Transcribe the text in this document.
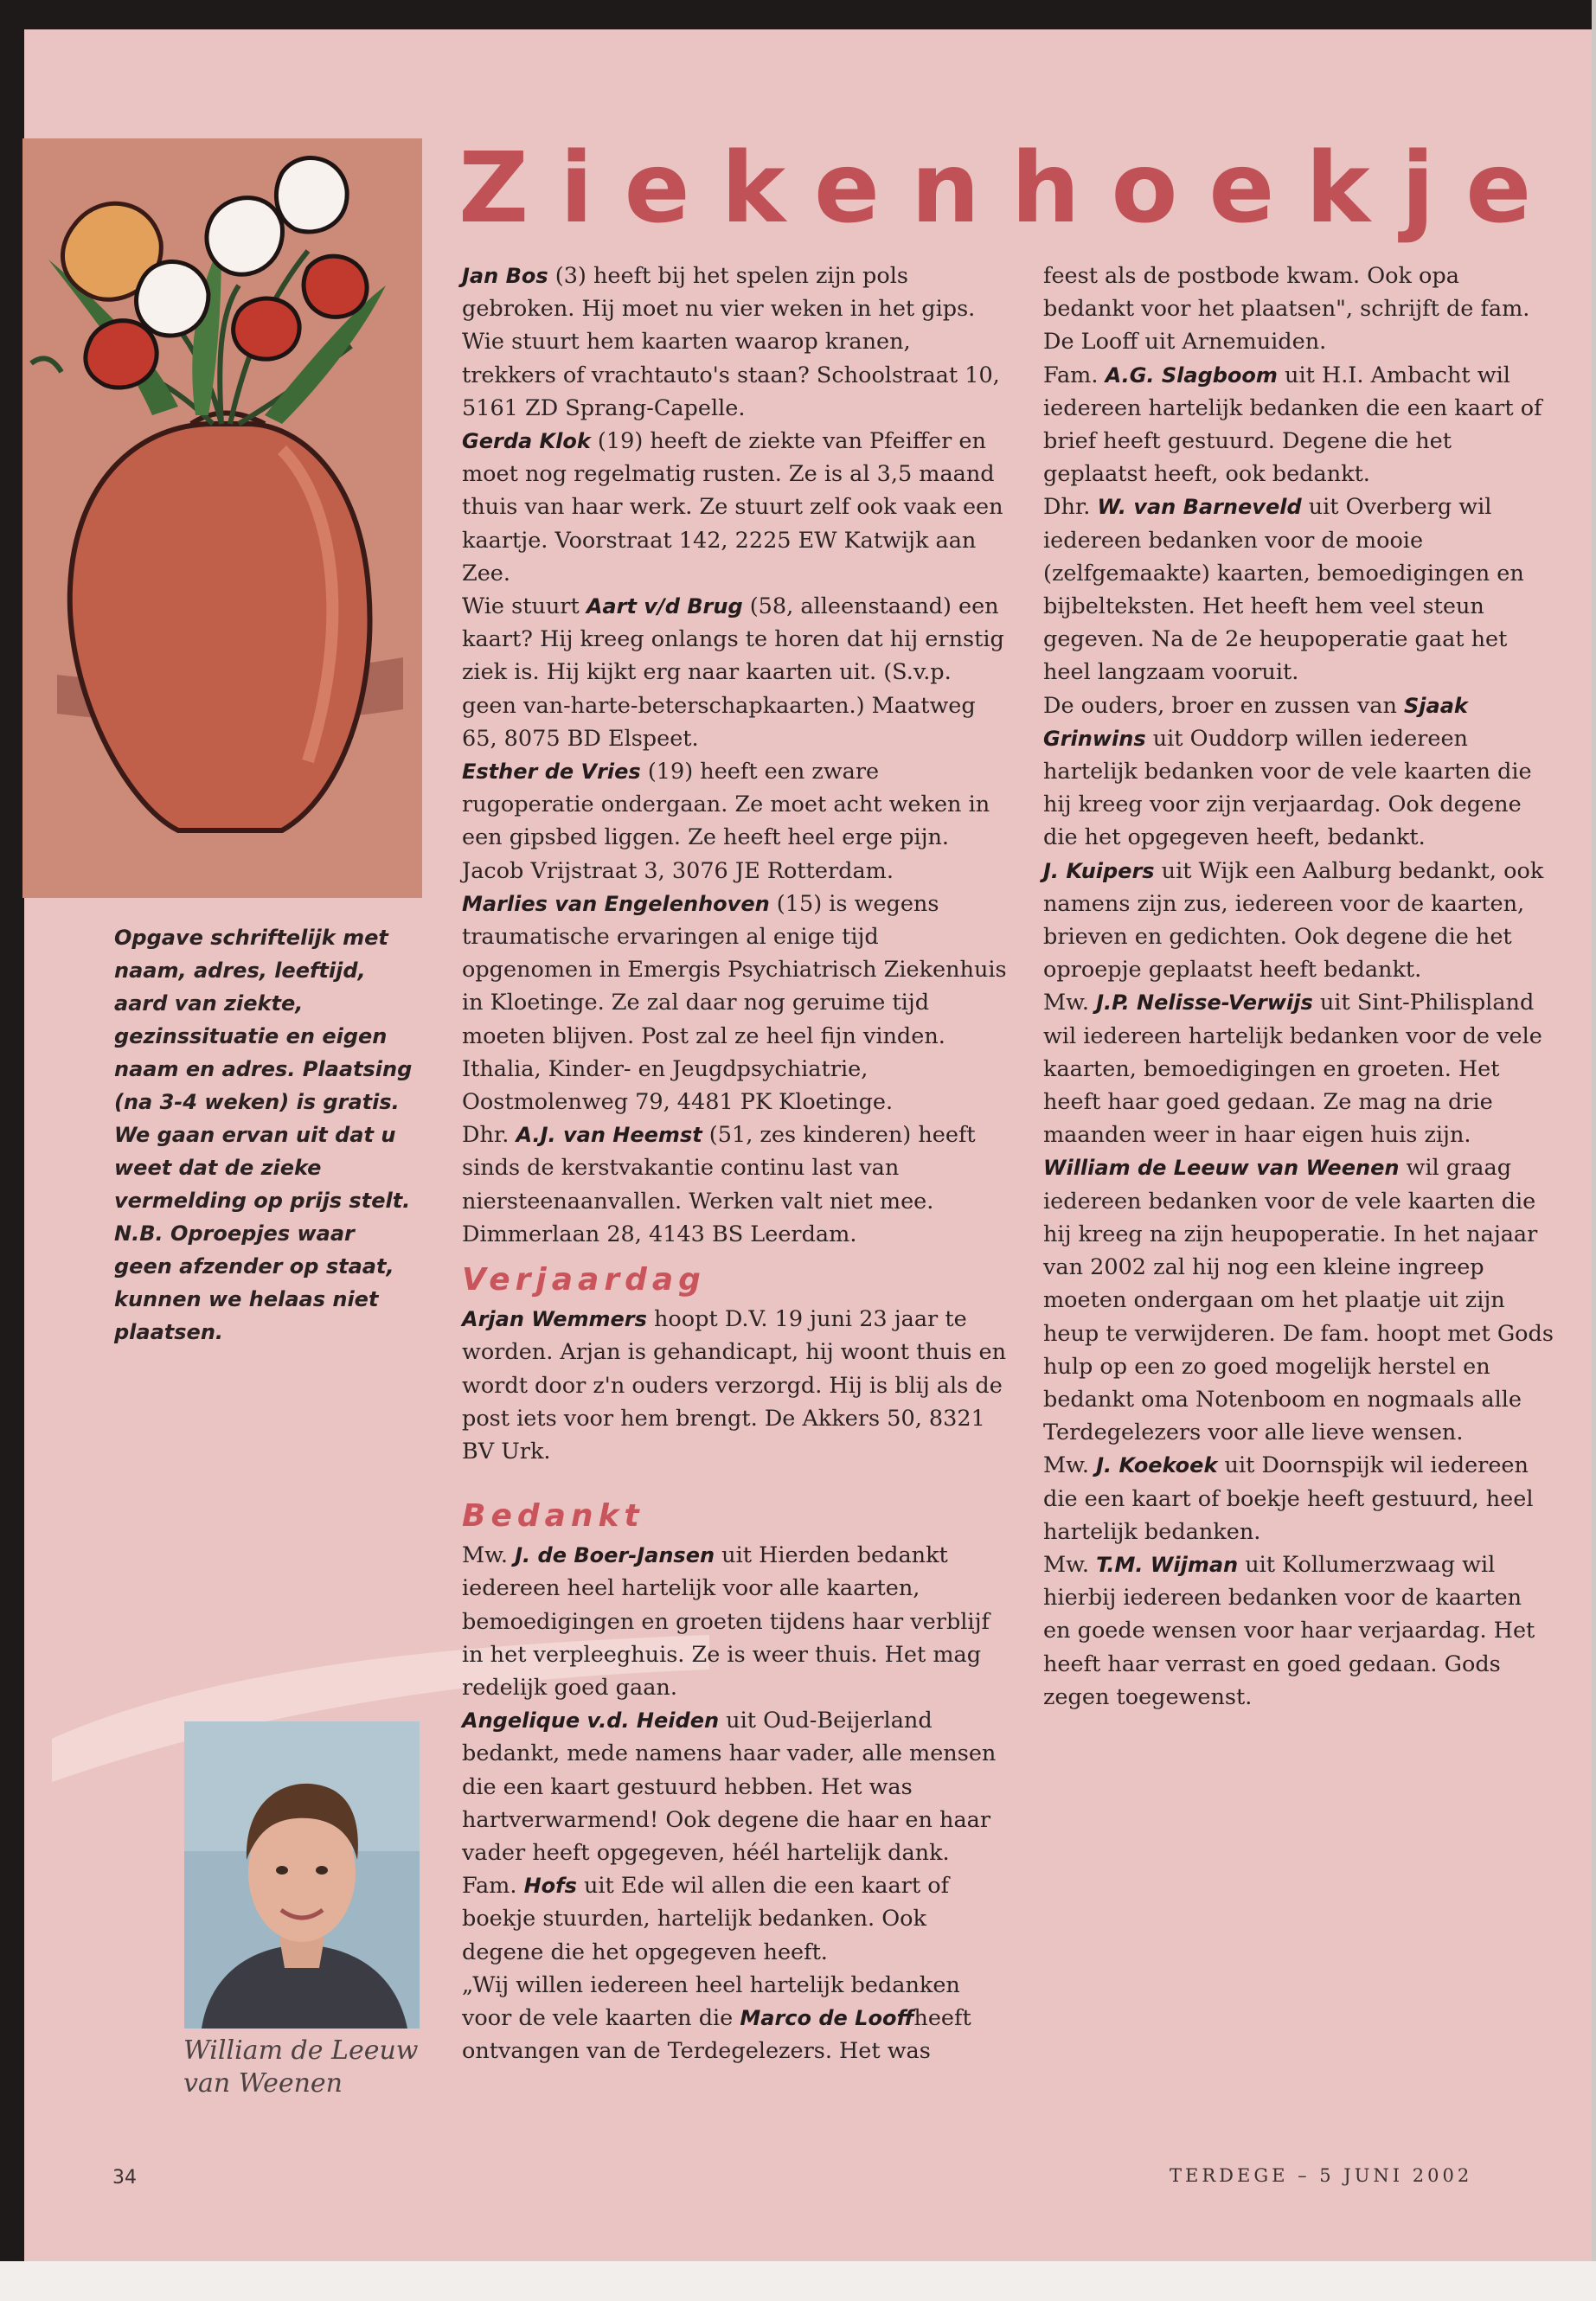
Ziekenhoekje

Opgave schriftelijk met naam, adres, leeftijd, aard van ziekte, gezinssituatie en eigen naam en adres. Plaatsing (na 3-4 weken) is gratis. We gaan ervan uit dat u weet dat de zieke vermelding op prijs stelt.

N.B. Oproepjes waar geen afzender op staat, kunnen we helaas niet plaatsen.

William de Leeuw
van Weenen

Jan Bos (3) heeft bij het spelen zijn pols gebroken. Hij moet nu vier weken in het gips. Wie stuurt hem kaarten waarop kranen, trekkers of vrachtauto's staan? Schoolstraat 10, 5161 ZD Sprang-Capelle.

Gerda Klok (19) heeft de ziekte van Pfeiffer en moet nog regelmatig rusten. Ze is al 3,5 maand thuis van haar werk. Ze stuurt zelf ook vaak een kaartje. Voorstraat 142, 2225 EW Katwijk aan Zee.

Wie stuurt Aart v/d Brug (58, alleenstaand) een kaart? Hij kreeg onlangs te horen dat hij ernstig ziek is. Hij kijkt erg naar kaarten uit. (S.v.p. geen van-harte-beterschapkaarten.) Maatweg 65, 8075 BD Elspeet.

Esther de Vries (19) heeft een zware rugoperatie ondergaan. Ze moet acht weken in een gipsbed liggen. Ze heeft heel erge pijn. Jacob Vrijstraat 3, 3076 JE Rotterdam.

Marlies van Engelenhoven (15) is wegens traumatische ervaringen al enige tijd opgenomen in Emergis Psychiatrisch Ziekenhuis in Kloetinge. Ze zal daar nog geruime tijd moeten blijven. Post zal ze heel fijn vinden. Ithalia, Kinder- en Jeugdpsychiatrie, Oostmolenweg 79, 4481 PK Kloetinge.

Dhr. A.J. van Heemst (51, zes kinderen) heeft sinds de kerstvakantie continu last van niersteenaanvallen. Werken valt niet mee. Dimmerlaan 28, 4143 BS Leerdam.

Verjaardag

Arjan Wemmers hoopt D.V. 19 juni 23 jaar te worden. Arjan is gehandicapt, hij woont thuis en wordt door z'n ouders verzorgd. Hij is blij als de post iets voor hem brengt. De Akkers 50, 8321 BV Urk.

Bedankt

Mw. J. de Boer-Jansen uit Hierden bedankt iedereen heel hartelijk voor alle kaarten, bemoedigingen en groeten tijdens haar verblijf in het verpleeghuis. Ze is weer thuis. Het mag redelijk goed gaan.

Angelique v.d. Heiden uit Oud-Beijerland bedankt, mede namens haar vader, alle mensen die een kaart gestuurd hebben. Het was hartverwarmend! Ook degene die haar en haar vader heeft opgegeven, héél hartelijk dank.

Fam. Hofs uit Ede wil allen die een kaart of boekje stuurden, hartelijk bedanken. Ook degene die het opgegeven heeft.

„Wij willen iedereen heel hartelijk bedanken voor de vele kaarten die Marco de Looffheeft ontvangen van de Terdegelezers. Het was

feest als de postbode kwam. Ook opa bedankt voor het plaatsen", schrijft de fam. De Looff uit Arnemuiden.

Fam. A.G. Slagboom uit H.I. Ambacht wil iedereen hartelijk bedanken die een kaart of brief heeft gestuurd. Degene die het geplaatst heeft, ook bedankt.

Dhr. W. van Barneveld uit Overberg wil iedereen bedanken voor de mooie (zelfgemaakte) kaarten, bemoedigingen en bijbelteksten. Het heeft hem veel steun gegeven. Na de 2e heupoperatie gaat het heel langzaam vooruit.

De ouders, broer en zussen van Sjaak Grinwins uit Ouddorp willen iedereen hartelijk bedanken voor de vele kaarten die hij kreeg voor zijn verjaardag. Ook degene die het opgegeven heeft, bedankt.

J. Kuipers uit Wijk een Aalburg bedankt, ook namens zijn zus, iedereen voor de kaarten, brieven en gedichten. Ook degene die het oproepje geplaatst heeft bedankt.

Mw. J.P. Nelisse-Verwijs uit Sint-Philispland wil iedereen hartelijk bedanken voor de vele kaarten, bemoedigingen en groeten. Het heeft haar goed gedaan. Ze mag na drie maanden weer in haar eigen huis zijn.

William de Leeuw van Weenen wil graag iedereen bedanken voor de vele kaarten die hij kreeg na zijn heupoperatie. In het najaar van 2002 zal hij nog een kleine ingreep moeten ondergaan om het plaatje uit zijn heup te verwijderen. De fam. hoopt met Gods hulp op een zo goed mogelijk herstel en bedankt oma Notenboom en nogmaals alle Terdegelezers voor alle lieve wensen.

Mw. J. Koekoek uit Doornspijk wil iedereen die een kaart of boekje heeft gestuurd, heel hartelijk bedanken.

Mw. T.M. Wijman uit Kollumerzwaag wil hierbij iedereen bedanken voor de kaarten en goede wensen voor haar verjaardag. Het heeft haar verrast en goed gedaan. Gods zegen toegewenst.

34	TERDEGE – 5 JUNI 2002
